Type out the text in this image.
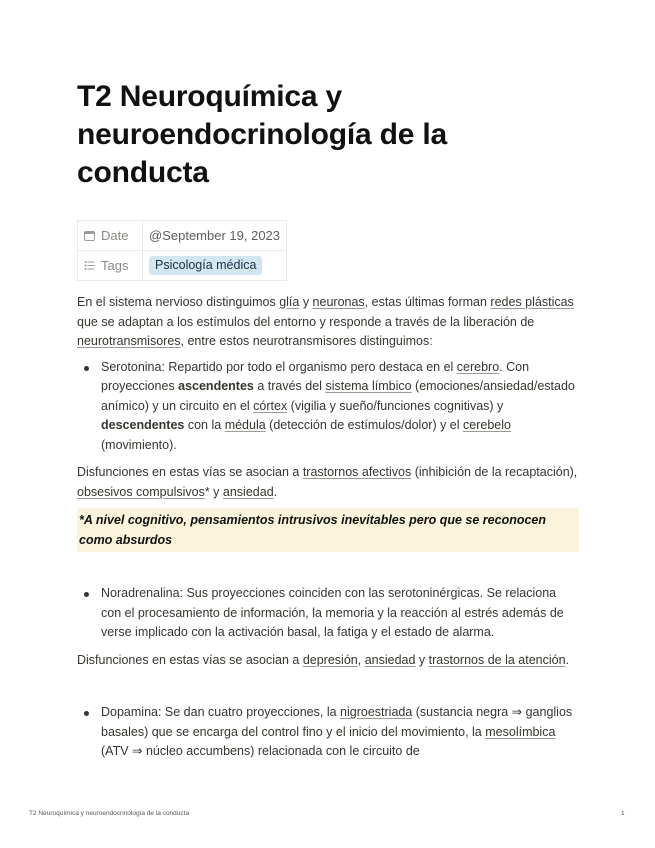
T2 Neuroquímica y neuroendocrinología de la conducta
Date	@September 19, 2023
Tags	Psicología médica

En el sistema nervioso distinguimos glía y neuronas, estas últimas forman redes plásticas que se adaptan a los estímulos del entorno y responde a través de la liberación de neurotransmisores, entre estos neurotransmisores distinguimos:

Serotonina: Repartido por todo el organismo pero destaca en el cerebro. Con proyecciones ascendentes a través del sistema límbico (emociones/ansiedad/estado anímico) y un circuito en el córtex (vigilia y sueño/funciones cognitivas) y descendentes con la médula (detección de estímulos/dolor) y el cerebelo (movimiento).

Disfunciones en estas vías se asocian a trastornos afectivos (inhibición de la recaptación), obsesivos compulsivos* y ansiedad.

*A nivel cognitivo, pensamientos intrusivos inevitables pero que se reconocen como absurdos
Noradrenalina: Sus proyecciones coinciden con las serotoninérgicas. Se relaciona con el procesamiento de información, la memoria y la reacción al estrés además de verse implicado con la activación basal, la fatiga y el estado de alarma.

Disfunciones en estas vías se asocian a depresión, ansiedad y trastornos de la atención.

Dopamina: Se dan cuatro proyecciones, la nigroestriada (sustancia negra ⇒ ganglios basales) que se encarga del control fino y el inicio del movimiento, la mesolímbica (ATV ⇒ núcleo accumbens) relacionada con le circuito de
T2 Neuroquímica y neuroendocrinología de la conducta	1
